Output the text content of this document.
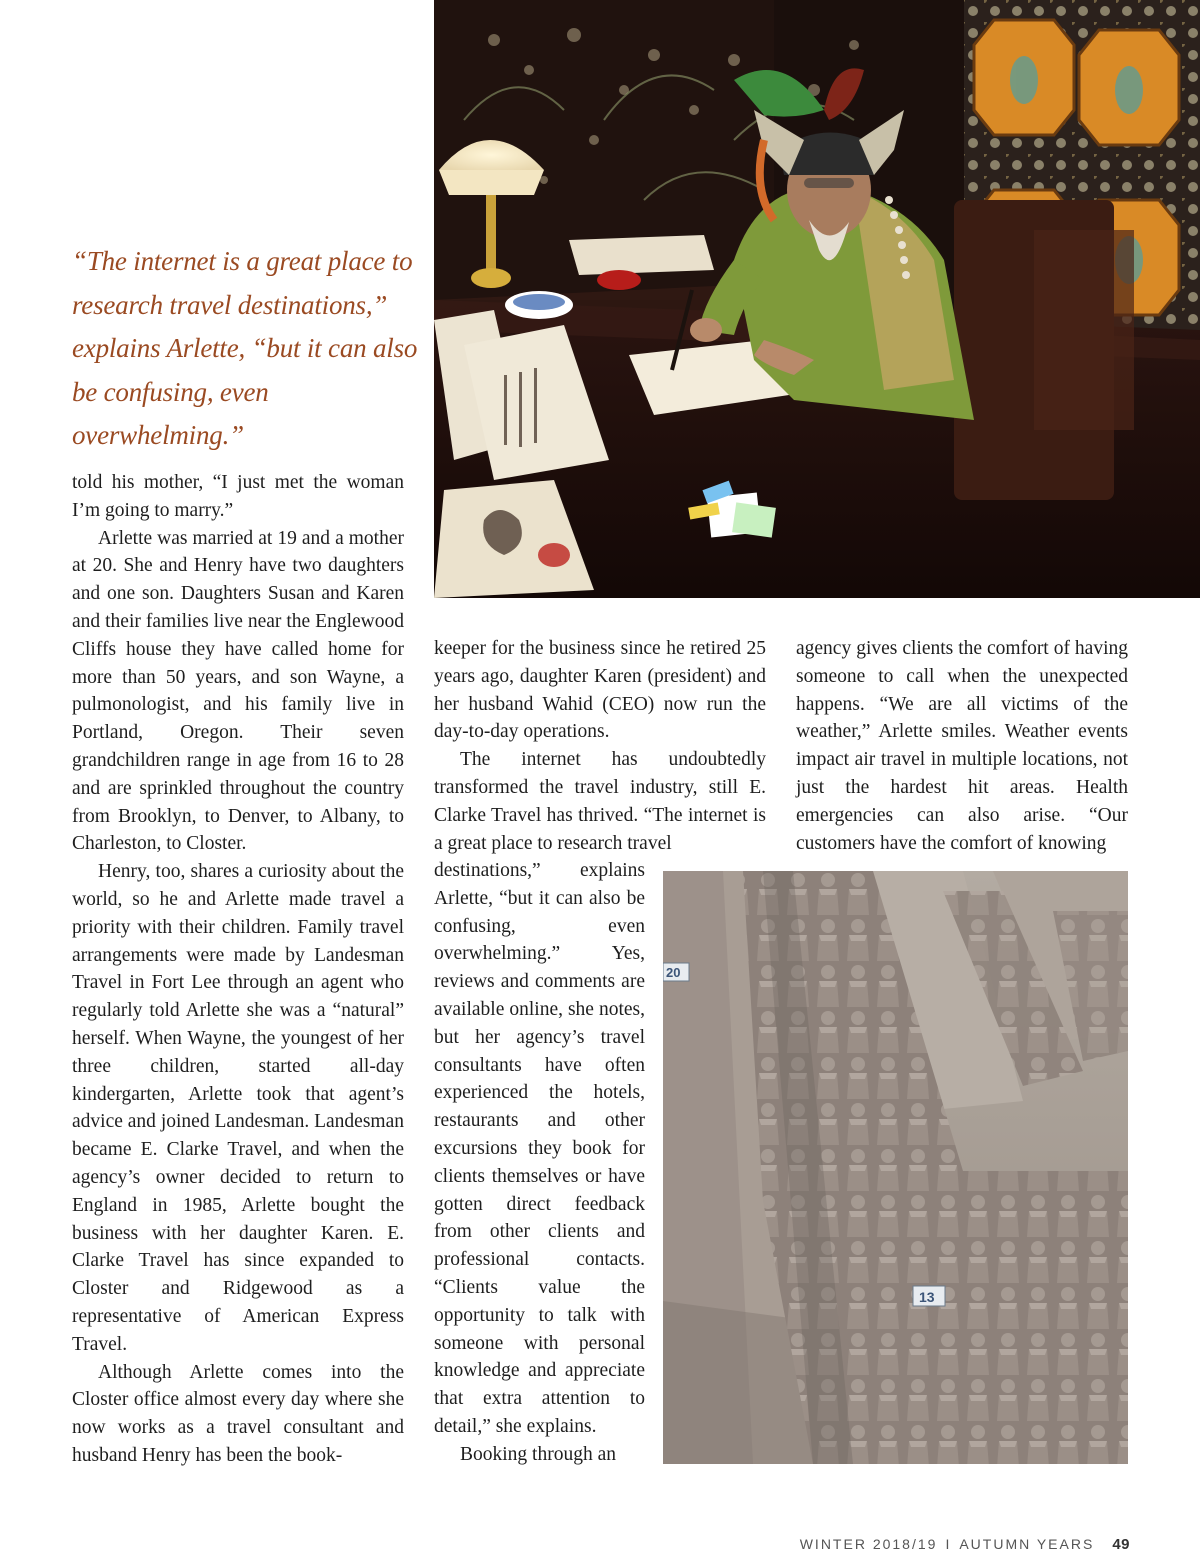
“The internet is a great place to

research travel destinations,”

explains Arlette, “but it can also

be confusing, even overwhelming.”

told his mother, “I just met the woman I’m going to marry.”

Arlette was married at 19 and a mother at 20. She and Henry have two daughters and one son. Daughters Susan and Karen and their families live near the Englewood Cliffs house they have called home for more than 50 years, and son Wayne, a pulmonologist, and his family live in Portland, Oregon. Their seven grandchildren range in age from 16 to 28 and are sprinkled throughout the country from Brooklyn, to Denver, to Albany, to Charleston, to Closter.

Henry, too, shares a curiosity about the world, so he and Arlette made travel a priority with their children. Family travel arrangements were made by Landesman Travel in Fort Lee through an agent who regularly told Arlette she was a “natural” herself. When Wayne, the youngest of her three children, started all-day kindergarten, Arlette took that agent’s advice and joined Landesman. Landesman became E. Clarke Travel, and when the agency’s owner decided to return to England in 1985, Arlette bought the business with her daughter Karen. E. Clarke Travel has since expanded to Closter and Ridgewood as a representative of American Express Travel.

Although Arlette comes into the Closter office almost every day where she now works as a travel consultant and husband Henry has been the book-

keeper for the business since he retired 25 years ago, daughter Karen (president) and her husband Wahid (CEO) now run the day-to-day operations.

The internet has undoubtedly transformed the travel industry, still E. Clarke Travel has thrived. “The internet is a great place to research travel

destinations,” explains Arlette, “but it can also be confusing, even overwhelming.” Yes, reviews and comments are available online, she notes, but her agency’s travel consultants have often experienced the hotels, restaurants and other excursions they book for clients themselves or have gotten direct feedback from other clients and professional contacts. “Clients value the opportunity to talk with someone with personal knowledge and appreciate that extra attention to detail,” she explains.

Booking through an

agency gives clients the comfort of having someone to call when the unexpected happens. “We are all victims of the weather,” Arlette smiles. Weather events impact air travel in multiple locations, not just the hardest hit areas. Health emergencies can also arise. “Our customers have the comfort of knowing

20
13
WINTER 2018/19 I AUTUMN YEARS 49
